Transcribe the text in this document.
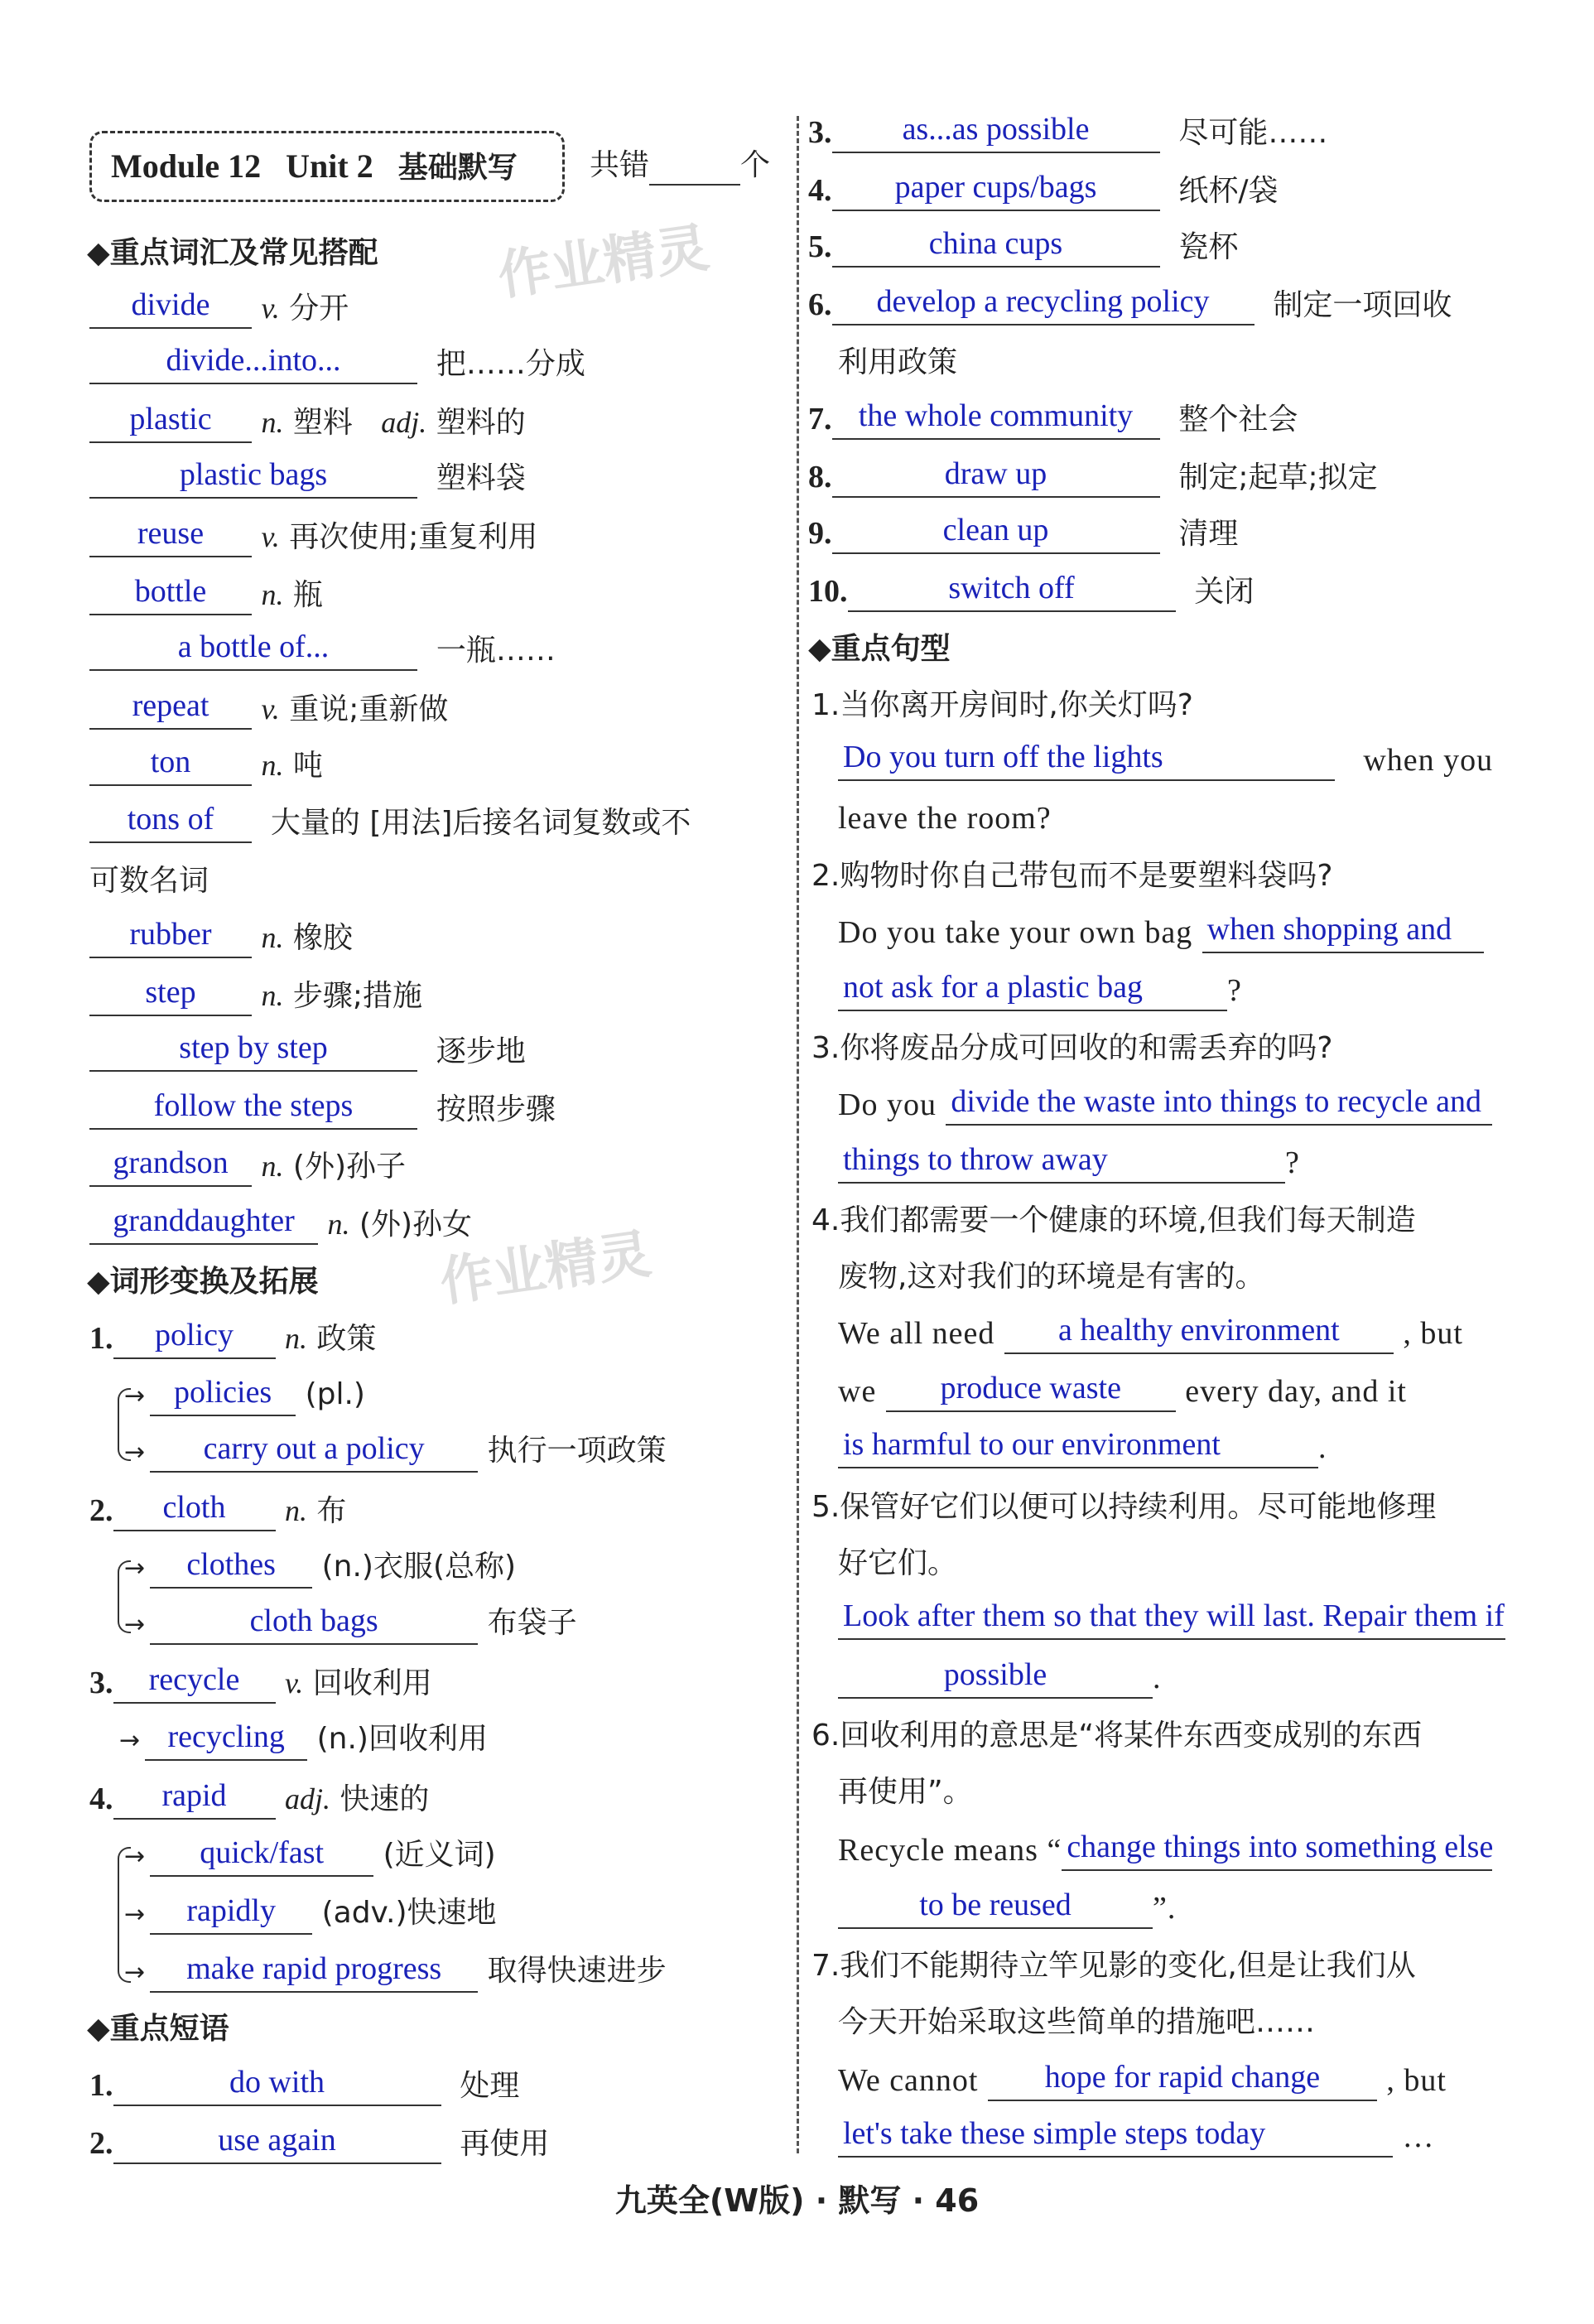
Module 12 Unit 2 基础默写 共错	个
作业精灵
作业精灵
◆重点词汇及常见搭配
divide	v. 分开
divide...into...	把……分成
plastic	n. 塑料 adj. 塑料的
plastic bags	塑料袋
reuse	v. 再次使用;重复利用
bottle	n. 瓶
a bottle of...	一瓶……
repeat	v. 重说;重新做
ton	n. 吨
tons of	大量的 [用法]后接名词复数或不
可数名词
rubber	n. 橡胶
step	n. 步骤;措施
step by step	逐步地
follow the steps	按照步骤
grandson	n. (外)孙子
granddaughter	n. (外)孙女
◆词形变换及拓展
1.	policy	n. 政策
→ policies	(pl.)
→	carry out a policy	执行一项政策
2.	cloth	n. 布
→	clothes	(n.)衣服(总称)
→	cloth bags	布袋子
3.	recycle	v. 回收利用
→ recycling	(n.)回收利用
4.	rapid	adj. 快速的
→	quick/fast	(近义词)
→	rapidly	(adv.)快速地
→	make rapid progress	取得快速进步
◆重点短语
1.	do with	处理
2.	use again	再使用
3.	as...as possible	尽可能……
4.	paper cups/bags	纸杯/袋
5.	china cups	瓷杯
6.	develop a recycling policy	制定一项回收
利用政策
7. the whole community	整个社会
8.	draw up	制定;起草;拟定
9.	clean up	清理
10.	switch off	关闭
◆重点句型
1.当你离开房间时,你关灯吗?
Do you turn off the lights	when you
leave the room?
2.购物时你自己带包而不是要塑料袋吗?
Do you take your own bag when shopping and
not ask for a plastic bag	?
3.你将废品分成可回收的和需丢弃的吗?
Do you divide the waste into things to recycle and
things to throw away	?
4.我们都需要一个健康的环境,但我们每天制造
废物,这对我们的环境是有害的。
We all need	a healthy environment	, but
we	produce waste	every day, and it
is harmful to our environment	.
5.保管好它们以便可以持续利用。尽可能地修理
好它们。
Look after them so that they will last. Repair them if
possible	.
6.回收利用的意思是“将某件东西变成别的东西
再使用”。
Recycle means “ change things into something else
to be reused	”.
7.我们不能期待立竿见影的变化,但是让我们从
今天开始采取这些简单的措施吧……
We cannot	hope for rapid change	, but
let's take these simple steps today	…
九英全(W版) · 默写 · 46
